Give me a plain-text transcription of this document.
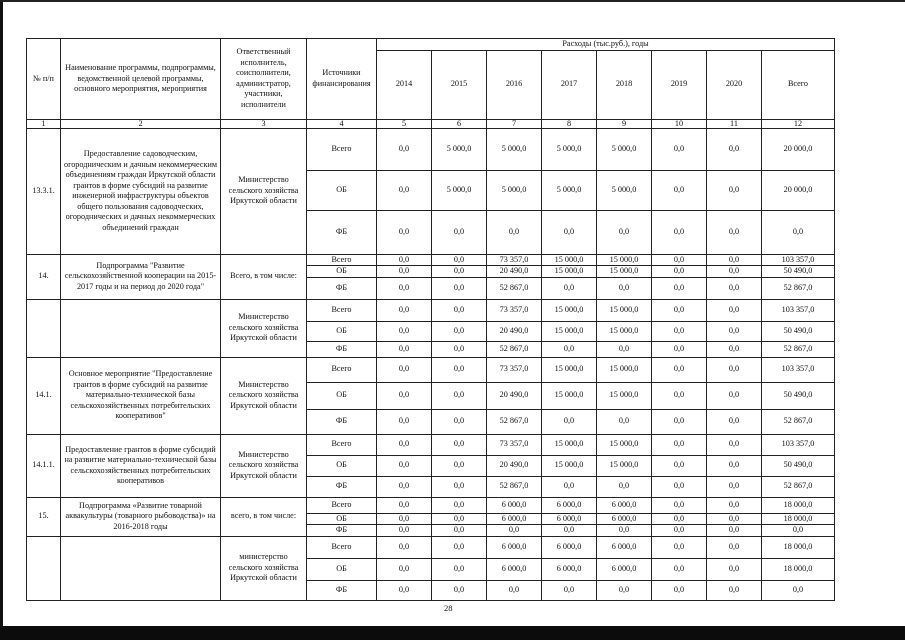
№ п/п	Наименование программы, подпрограммы, ведомственной целевой программы, основного мероприятия, мероприятия	Ответственный исполнитель, соисполнители, администратор, участники, исполнители	Источники финансирования	Расходы (тыс.руб.), годы							
				2014	2015	2016	2017	2018	2019	2020	Всего
1	2	3	4	5	6	7	8	9	10	11	12
13.3.1.	Предоставление садоводческим, огородническим и дачным некоммерческим объединениям граждан Иркутской области грантов в форме субсидий на развитие инженерной инфраструктуры объектов общего пользования садоводческих, огороднических и дачных некоммерческих объединений граждан	Министерство сельского хозяйства Иркутской области	Всего	0,0	5 000,0	5 000,0	5 000,0	5 000,0	0,0	0,0	20 000,0
			ОБ	0,0	5 000,0	5 000,0	5 000,0	5 000,0	0,0	0,0	20 000,0
			ФБ	0,0	0,0	0,0	0,0	0,0	0,0	0,0	0,0
14.	Подпрограмма "Развитие сельскохозяйственной кооперации на 2015-2017 годы и на период до 2020 года"	Всего, в том числе:	Всего	0,0	0,0	73 357,0	15 000,0	15 000,0	0,0	0,0	103 357,0
			ОБ	0,0	0,0	20 490,0	15 000,0	15 000,0	0,0	0,0	50 490,0
			ФБ	0,0	0,0	52 867,0	0,0	0,0	0,0	0,0	52 867,0
		Министерство сельского хозяйства Иркутской области	Всего	0,0	0,0	73 357,0	15 000,0	15 000,0	0,0	0,0	103 357,0
			ОБ	0,0	0,0	20 490,0	15 000,0	15 000,0	0,0	0,0	50 490,0
			ФБ	0,0	0,0	52 867,0	0,0	0,0	0,0	0,0	52 867,0
14.1.	Основное мероприятие "Предоставление грантов в форме субсидий на развитие материально-технической базы сельскохозяйственных потребительских кооперативов"	Министерство сельского хозяйства Иркутской области	Всего	0,0	0,0	73 357,0	15 000,0	15 000,0	0,0	0,0	103 357,0
			ОБ	0,0	0,0	20 490,0	15 000,0	15 000,0	0,0	0,0	50 490,0
			ФБ	0,0	0,0	52 867,0	0,0	0,0	0,0	0,0	52 867,0
14.1.1.	Предоставление грантов в форме субсидий на развитие материально-технической базы сельскохозяйственных потребительских кооперативов	Министерство сельского хозяйства Иркутской области	Всего	0,0	0,0	73 357,0	15 000,0	15 000,0	0,0	0,0	103 357,0
			ОБ	0,0	0,0	20 490,0	15 000,0	15 000,0	0,0	0,0	50 490,0
			ФБ	0,0	0,0	52 867,0	0,0	0,0	0,0	0,0	52 867,0
15.	Подпрограмма «Развитие товарной аквакультуры (товарного рыбоводства)» на 2016-2018 годы	всего, в том числе:	Всего	0,0	0,0	6 000,0	6 000,0	6 000,0	0,0	0,0	18 000,0
			ОБ	0,0	0,0	6 000,0	6 000,0	6 000,0	0,0	0,0	18 000,0
			ФБ	0,0	0,0	0,0	0,0	0,0	0,0	0,0	0,0
		министерство сельского хозяйства Иркутской области	Всего	0,0	0,0	6 000,0	6 000,0	6 000,0	0,0	0,0	18 000,0
			ОБ	0,0	0,0	6 000,0	6 000,0	6 000,0	0,0	0,0	18 000,0
			ФБ	0,0	0,0	0,0	0,0	0,0	0,0	0,0	0,0
28
